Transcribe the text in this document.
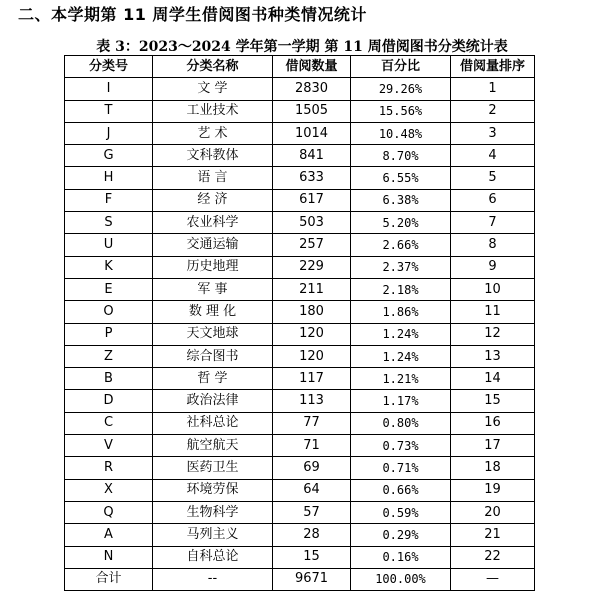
二、本学期第 11 周学生借阅图书种类情况统计
表 3：2023～2024 学年第一学期 第 11 周借阅图书分类统计表
分类号	分类名称	借阅数量	百分比	借阅量排序
I	文 学	2830	29.26%	1
T	工业技术	1505	15.56%	2
J	艺 术	1014	10.48%	3
G	文科教体	841	8.70%	4
H	语 言	633	6.55%	5
F	经 济	617	6.38%	6
S	农业科学	503	5.20%	7
U	交通运输	257	2.66%	8
K	历史地理	229	2.37%	9
E	军 事	211	2.18%	10
O	数 理 化	180	1.86%	11
P	天文地球	120	1.24%	12
Z	综合图书	120	1.24%	13
B	哲 学	117	1.21%	14
D	政治法律	113	1.17%	15
C	社科总论	77	0.80%	16
V	航空航天	71	0.73%	17
R	医药卫生	69	0.71%	18
X	环境劳保	64	0.66%	19
Q	生物科学	57	0.59%	20
A	马列主义	28	0.29%	21
N	自科总论	15	0.16%	22
合计	--	9671	100.00%	—
